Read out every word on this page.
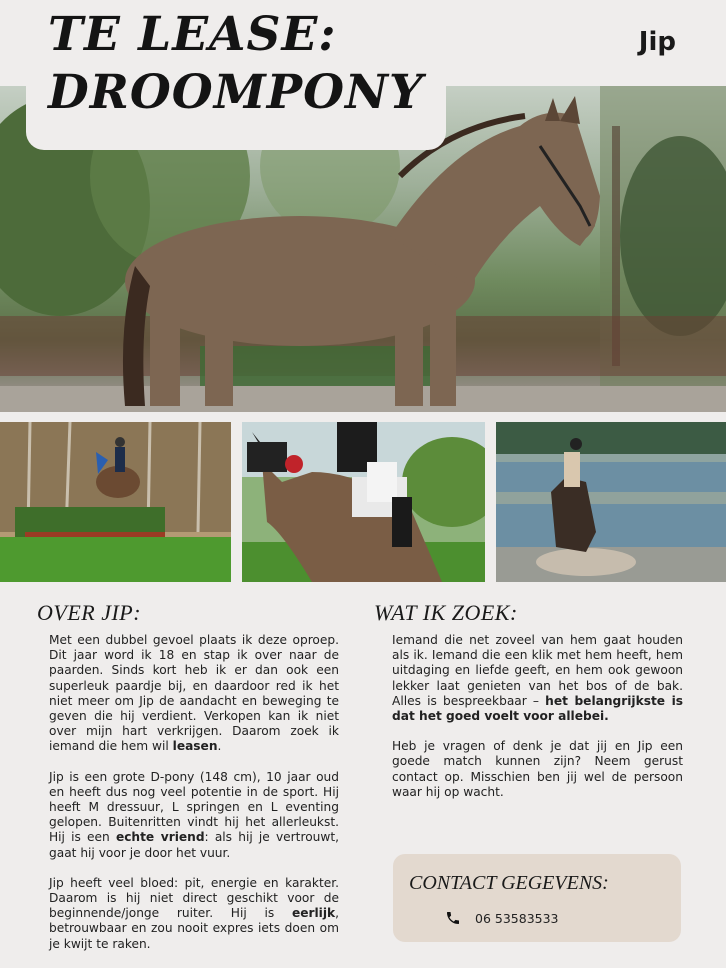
TE LEASE:
DROOMPONY
Jip
OVER JIP:	WAT IK ZOEK:

Met een dubbel gevoel plaats ik deze oproep. Dit jaar word ik 18 en stap ik over naar de paarden. Sinds kort heb ik er dan ook een superleuk paardje bij, en daardoor red ik het niet meer om Jip de aandacht en beweging te geven die hij verdient. Verkopen kan ik niet over mijn hart verkrijgen. Daarom zoek ik iemand die hem wil leasen.

Jip is een grote D-pony (148 cm), 10 jaar oud en heeft dus nog veel potentie in de sport. Hij heeft M dressuur, L springen en L eventing gelopen. Buitenritten vindt hij het allerleukst. Hij is een echte vriend: als hij je vertrouwt, gaat hij voor je door het vuur.

Jip heeft veel bloed: pit, energie en karakter. Daarom is hij niet direct geschikt voor de beginnende/jonge ruiter. Hij is eerlijk, betrouwbaar en zou nooit expres iets doen om je kwijt te raken.

Iemand die net zoveel van hem gaat houden als ik. Iemand die een klik met hem heeft, hem uitdaging en liefde geeft, en hem ook gewoon lekker laat genieten van het bos of de bak. Alles is bespreekbaar – het belangrijkste is dat het goed voelt voor allebei.

Heb je vragen of denk je dat jij en Jip een goede match kunnen zijn? Neem gerust contact op. Misschien ben jij wel de persoon waar hij op wacht.

CONTACT GEGEVENS:
06 53583533
